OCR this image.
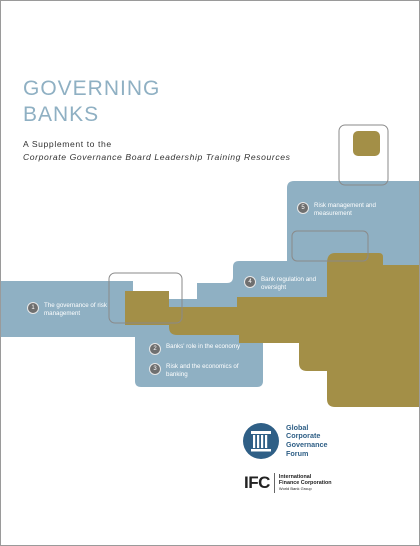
GOVERNING
BANKS
A Supplement to the
Corporate Governance Board Leadership Training Resources
1	The governance of risk management
2	Banks' role in the economy
3	Risk and the economics of banking
4	Bank regulation and oversight
5	Risk management and measurement
Global
Corporate
Governance
Forum
IFC	International
Finance Corporation
World Bank Group
